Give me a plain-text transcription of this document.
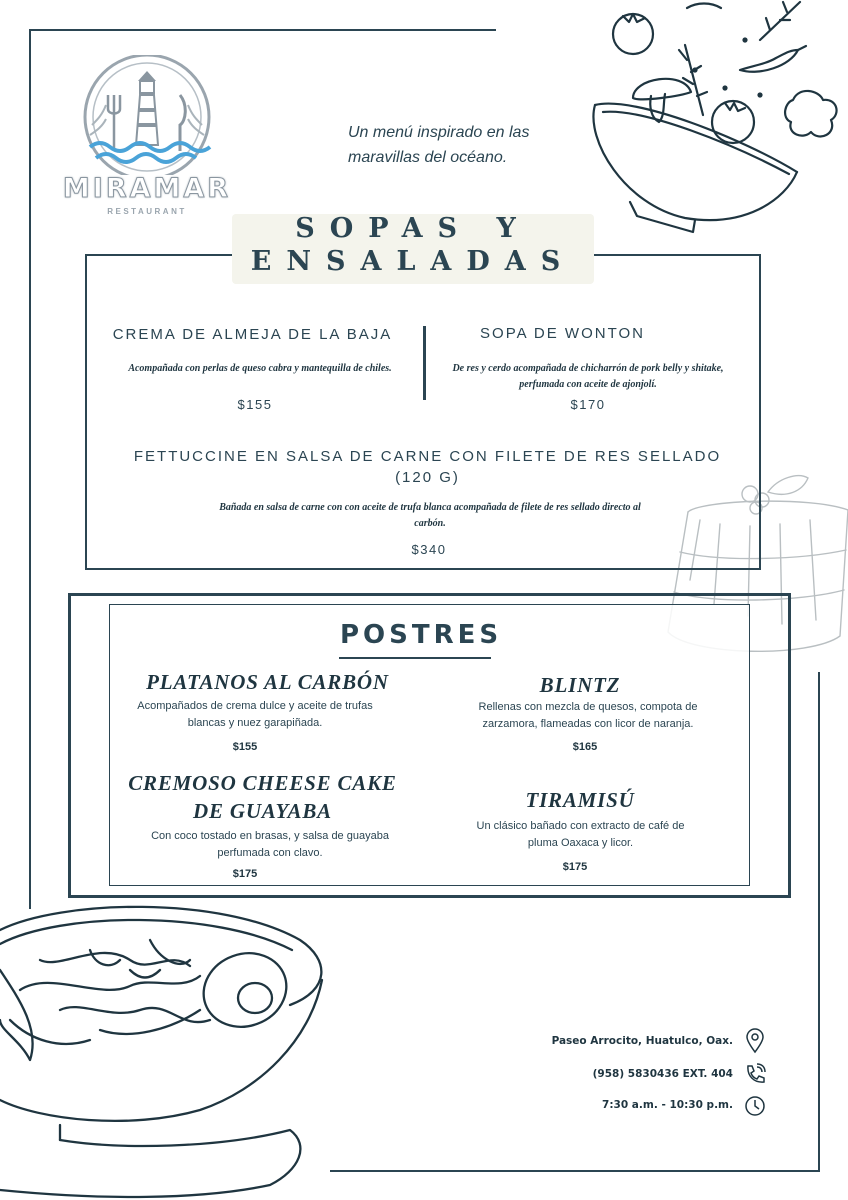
MIRAMAR
RESTAURANT
Un menú inspirado en las maravillas del océano.
SOPAS Y ENSALADAS
CREMA DE ALMEJA DE LA BAJA
Acompañada con perlas de queso cabra y mantequilla de chiles.
$155
SOPA DE WONTON
De res y cerdo acompañada de chicharrón de pork belly y shitake, perfumada con aceite de ajonjolí.
$170
FETTUCCINE EN SALSA DE CARNE CON FILETE DE RES SELLADO (120 G)
Bañada en salsa de carne con con aceite de trufa blanca acompañada de filete de res sellado directo al carbón.
$340
POSTRES
PLATANOS AL CARBÓN
Acompañados de crema dulce y aceite de trufas blancas y nuez garapiñada.
$155
BLINTZ
Rellenas con mezcla de quesos, compota de zarzamora, flameadas con licor de naranja.
$165
CREMOSO CHEESE CAKE DE GUAYABA
Con coco tostado en brasas, y salsa de guayaba perfumada con clavo.
$175
TIRAMISÚ
Un clásico bañado con extracto de café de pluma Oaxaca y licor.
$175
Paseo Arrocito, Huatulco, Oax.
(958) 5830436 EXT. 404
7:30 a.m. - 10:30 p.m.
